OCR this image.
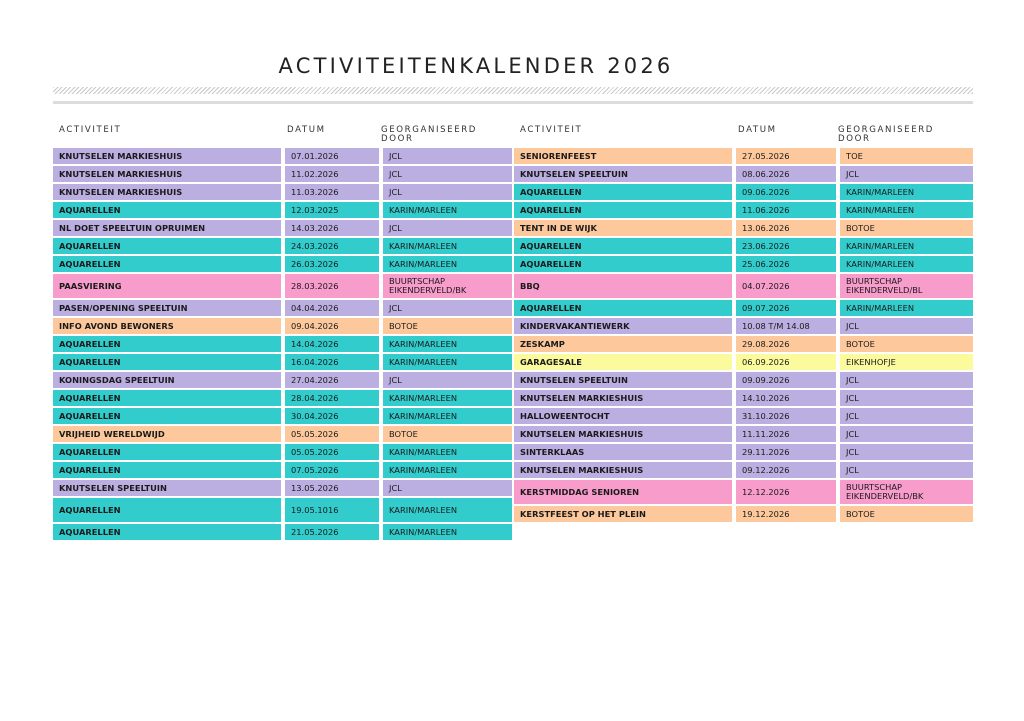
ACTIVITEITENKALENDER 2026
ACTIVITEIT	DATUM	GEORGANISEERD DOOR
KNUTSELEN MARKIESHUIS	07.01.2026	JCL
KNUTSELEN MARKIESHUIS	11.02.2026	JCL
KNUTSELEN MARKIESHUIS	11.03.2026	JCL
AQUARELLEN	12.03.2025	KARIN/MARLEEN
NL DOET SPEELTUIN OPRUIMEN	14.03.2026	JCL
AQUARELLEN	24.03.2026	KARIN/MARLEEN
AQUARELLEN	26.03.2026	KARIN/MARLEEN
PAASVIERING	28.03.2026	BUURTSCHAP EIKENDERVELD/BK
PASEN/OPENING SPEELTUIN	04.04.2026	JCL
INFO AVOND BEWONERS	09.04.2026	BOTOE
AQUARELLEN	14.04.2026	KARIN/MARLEEN
AQUARELLEN	16.04.2026	KARIN/MARLEEN
KONINGSDAG SPEELTUIN	27.04.2026	JCL
AQUARELLEN	28.04.2026	KARIN/MARLEEN
AQUARELLEN	30.04.2026	KARIN/MARLEEN
VRIJHEID WERELDWIJD	05.05.2026	BOTOE
AQUARELLEN	05.05.2026	KARIN/MARLEEN
AQUARELLEN	07.05.2026	KARIN/MARLEEN
KNUTSELEN SPEELTUIN	13.05.2026	JCL
AQUARELLEN	19.05.1016	KARIN/MARLEEN
AQUARELLEN	21.05.2026	KARIN/MARLEEN
ACTIVITEIT	DATUM	GEORGANISEERD DOOR
SENIORENFEEST	27.05.2026	TOE
KNUTSELEN SPEELTUIN	08.06.2026	JCL
AQUARELLEN	09.06.2026	KARIN/MARLEEN
AQUARELLEN	11.06.2026	KARIN/MARLEEN
TENT IN DE WIJK	13.06.2026	BOTOE
AQUARELLEN	23.06.2026	KARIN/MARLEEN
AQUARELLEN	25.06.2026	KARIN/MARLEEN
BBQ	04.07.2026	BUURTSCHAP EIKENDERVELD/BL
AQUARELLEN	09.07.2026	KARIN/MARLEEN
KINDERVAKANTIEWERK	10.08 T/M 14.08	JCL
ZESKAMP	29.08.2026	BOTOE
GARAGESALE	06.09.2026	EIKENHOFJE
KNUTSELEN SPEELTUIN	09.09.2026	JCL
KNUTSELEN MARKIESHUIS	14.10.2026	JCL
HALLOWEENTOCHT	31.10.2026	JCL
KNUTSELEN MARKIESHUIS	11.11.2026	JCL
SINTERKLAAS	29.11.2026	JCL
KNUTSELEN MARKIESHUIS	09.12.2026	JCL
KERSTMIDDAG SENIOREN	12.12.2026	BUURTSCHAP EIKENDERVELD/BK
KERSTFEEST OP HET PLEIN	19.12.2026	BOTOE
